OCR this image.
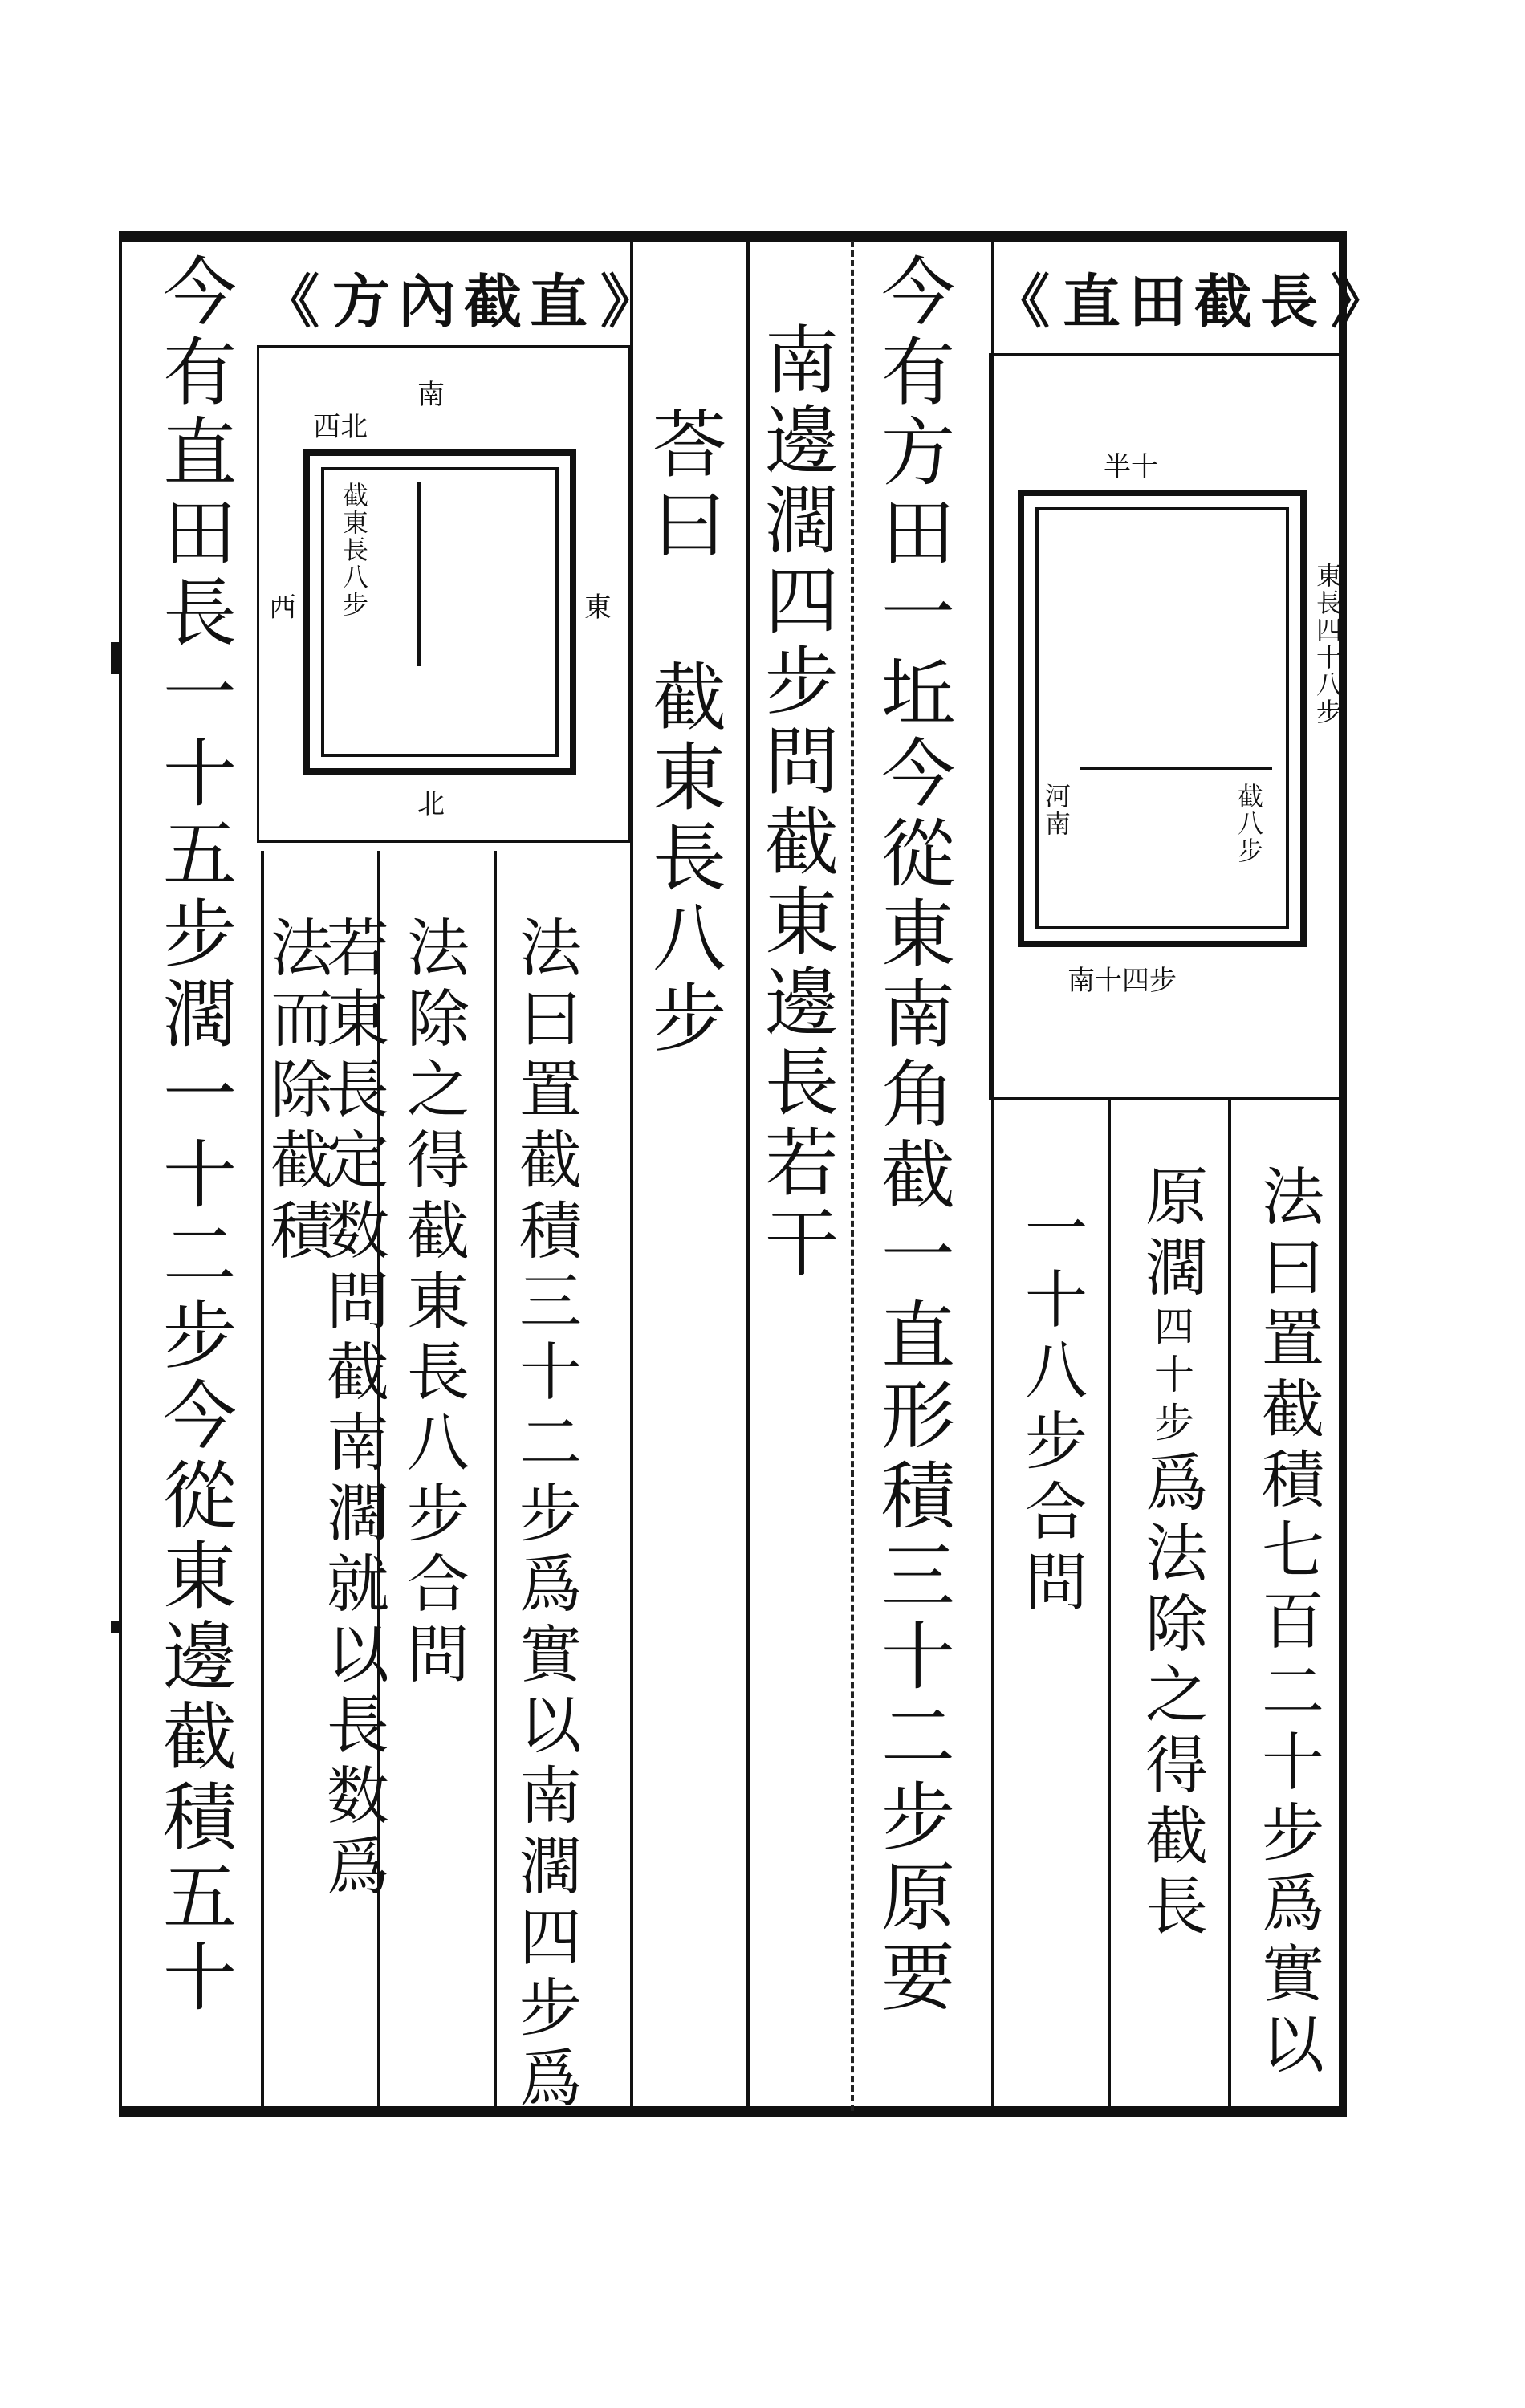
《直田截長》
半十
東長四十八步
截八步
河南
南十四步
《方內截直》
南
北
西	東
西北
截東長八步	今有方田一坵今從東南角截一直形積三十二步原要
南邊濶四步問截東邊長若干
荅曰
截東長八步
法曰置截積三十二步爲實以南濶四步爲
法除之得截東長八步合問
若東長定数問截南濶就以長数爲
法而除截積
今有直田長一十五步濶一十二步今從東邊截積五十	法曰置截積七百二十步爲實以
原濶四十步爲法除之得截長
一十八步合問
